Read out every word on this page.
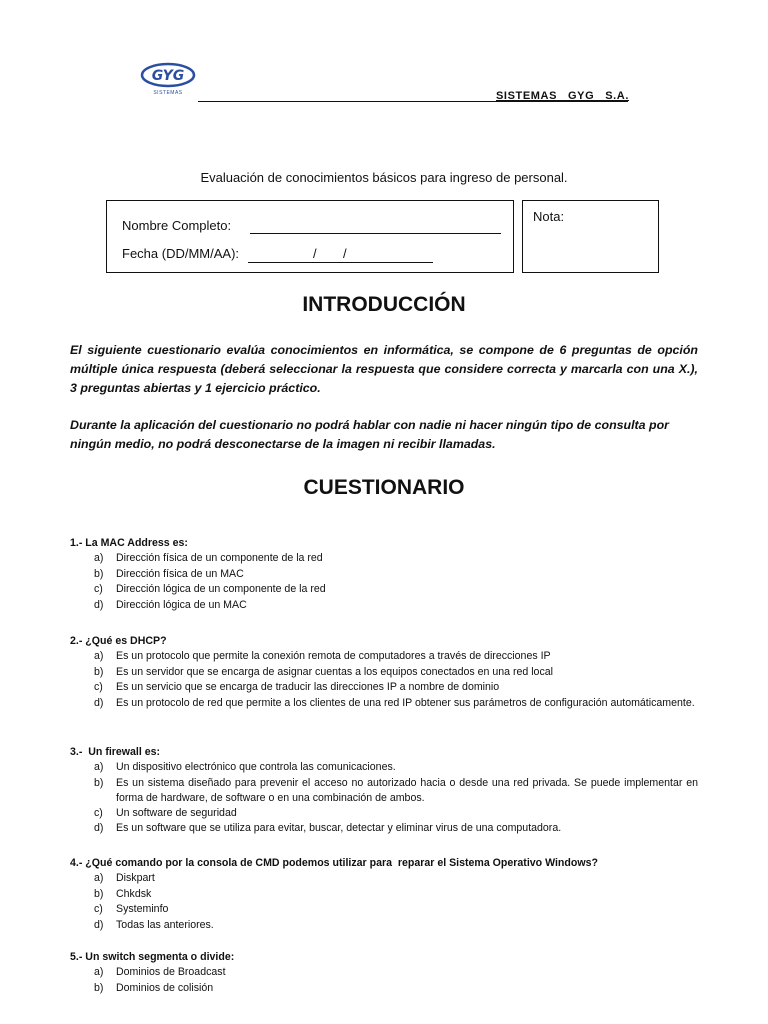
GYG
SISTEMAS	SISTEMAS   GYG   S.A.
Evaluación de conocimientos básicos para ingreso de personal.
Nombre Completo:
Fecha (DD/MM/AA):	/ /
Nota:
INTRODUCCIÓN
El siguiente cuestionario evalúa conocimientos en informática, se compone de 6 preguntas de opción múltiple única respuesta (deberá seleccionar la respuesta que considere correcta y marcarla con una X.), 3 preguntas abiertas y 1 ejercicio práctico.
Durante la aplicación del cuestionario no podrá hablar con nadie ni hacer ningún tipo de consulta por ningún medio, no podrá desconectarse de la imagen ni recibir llamadas.
CUESTIONARIO
1.- La MAC Address es:
a)	Dirección física de un componente de la red
b)	Dirección física de un MAC
c)	Dirección lógica de un componente de la red
d)	Dirección lógica de un MAC
2.- ¿Qué es DHCP?
a)	Es un protocolo que permite la conexión remota de computadores a través de direcciones IP
b)	Es un servidor que se encarga de asignar cuentas a los equipos conectados en una red local
c)	Es un servicio que se encarga de traducir las direcciones IP a nombre de dominio
d)	Es un protocolo de red que permite a los clientes de una red IP obtener sus parámetros de configuración automáticamente.
3.-  Un firewall es:
a)	Un dispositivo electrónico que controla las comunicaciones.
b)	Es un sistema diseñado para prevenir el acceso no autorizado hacia o desde una red privada. Se puede implementar en forma de hardware, de software o en una combinación de ambos.
c)	Un software de seguridad
d)	Es un software que se utiliza para evitar, buscar, detectar y eliminar virus de una computadora.
4.- ¿Qué comando por la consola de CMD podemos utilizar para  reparar el Sistema Operativo Windows?
a)	Diskpart
b)	Chkdsk
c)	Systeminfo
d)	Todas las anteriores.
5.- Un switch segmenta o divide:
a)	Dominios de Broadcast
b)	Dominios de colisión
